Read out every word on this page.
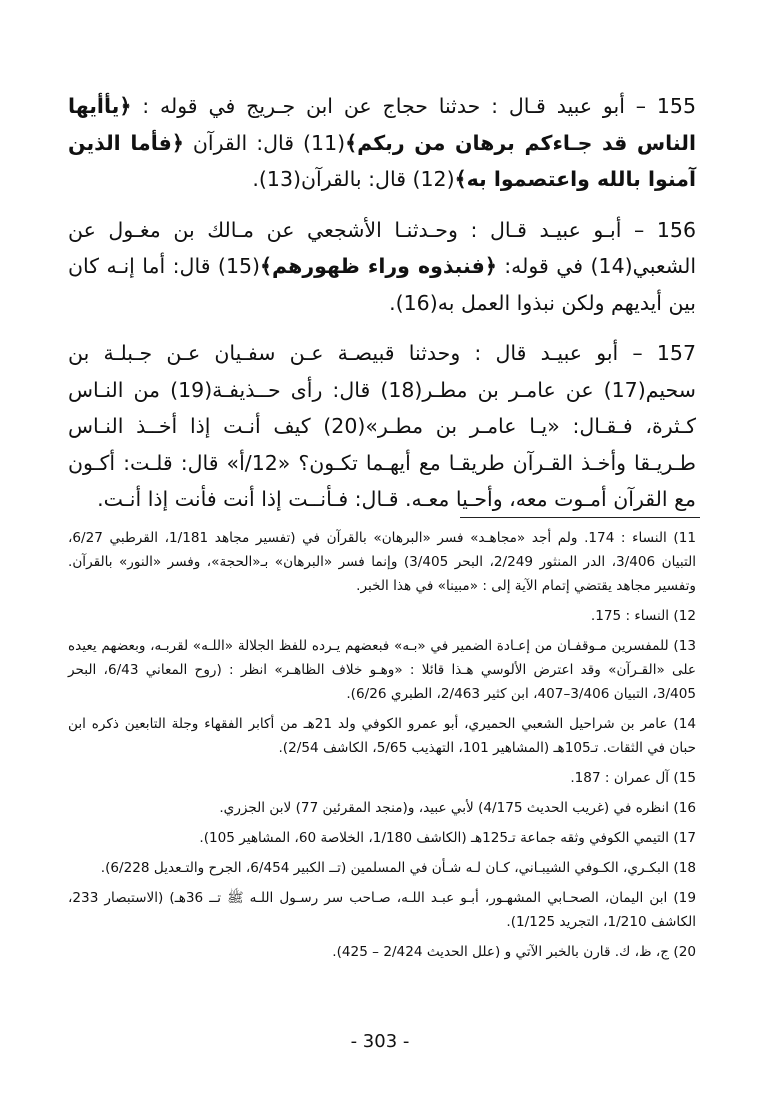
155 – أبو عبيد قـال : حدثنا حجاج عن ابن جـريج في قوله : ﴿يأأيها الناس قد جـاءكم برهان من ربكم﴾(11) قال: القرآن ﴿فأما الذين آمنوا بالله واعتصموا به﴾(12) قال: بالقرآن(13).

156 – أبـو عبيـد قـال : وحـدثنـا الأشجعي عن مـالك بن مغـول عن الشعبي(14) في قوله: ﴿فنبذوه وراء ظهورهم﴾(15) قال: أما إنـه كان بين أيديهم ولكن نبذوا العمل به(16).

157 – أبو عبيـد قال : وحدثنا قبيصـة عـن سفـيان عـن جـبلـة بن سحيم(17) عن عامـر بن مطـر(18) قال: رأى حــذيفـة(19) من النـاس كـثرة، فـقـال: «يـا عامـر بن مطـر»(20) كيف أنـت إذا أخــذ النـاس طـريـقا وأخـذ القـرآن طريقـا مع أيهـما تكـون؟ «12/أ» قال: قلـت: أكـون مع القرآن أمـوت معه، وأحـيا معـه. قـال: فـأنــت إذا أنت فأنت إذا أنـت.

11) النساء : 174. ولم أجد «مجاهـد» فسر «البرهان» بالقرآن في (تفسير مجاهد 1/181، القرطبي 6/27، التبيان 3/406، الدر المنثور 2/249، البحر 3/405) وإنما فسر «البرهان» بـ«الحجة»، وفسر «النور» بالقرآن. وتفسير مجاهد يقتضي إتمام الآية إلى : «مبينا» في هذا الخبر.

12) النساء : 175.

13) للمفسرين مـوقفـان من إعـادة الضمير في «بـه» فبعضهم يـرده للفظ الجلالة «اللـه» لقربـه، وبعضهم يعيده على «القـرآن» وقد اعترض الألوسي هـذا قائلا : «وهـو خلاف الظاهـر» انظر : (روح المعاني 6/43، البحر 3/405، التبيان 3/406–407، ابن كثير 2/463، الطبري 6/26).

14) عامر بن شراحيل الشعبي الحميري، أبو عمرو الكوفي ولد 21هـ من أكابر الفقهاء وجلة التابعين ذكره ابن حبان في الثقات. تـ105هـ (المشاهير 101، التهذيب 5/65، الكاشف 2/54).

15) آل عمران : 187.

16) انظره في (غريب الحديث 4/175) لأبي عبيد، و(منجد المقرئين 77) لابن الجزري.

17) التيمي الكوفي وثقه جماعة تـ125هـ (الكاشف 1/180، الخلاصة 60، المشاهير 105).

18) البكـري، الكـوفي الشيبـاني، كـان لـه شـأن في المسلمين (تــ الكبير 6/454، الجرح والتـعديل 6/228).

19) ابن اليمان، الصحـابي المشهـور، أبـو عبـد اللـه، صـاحب سر رسـول اللـه ﷺ تــ 36هـ) (الاستبصار 233، الكاشف 1/210، التجريد 1/125).

20) ج، ظ، ك. قارن بالخبر الآتي و (علل الحديث 2/424 – 425).

- 303 -
